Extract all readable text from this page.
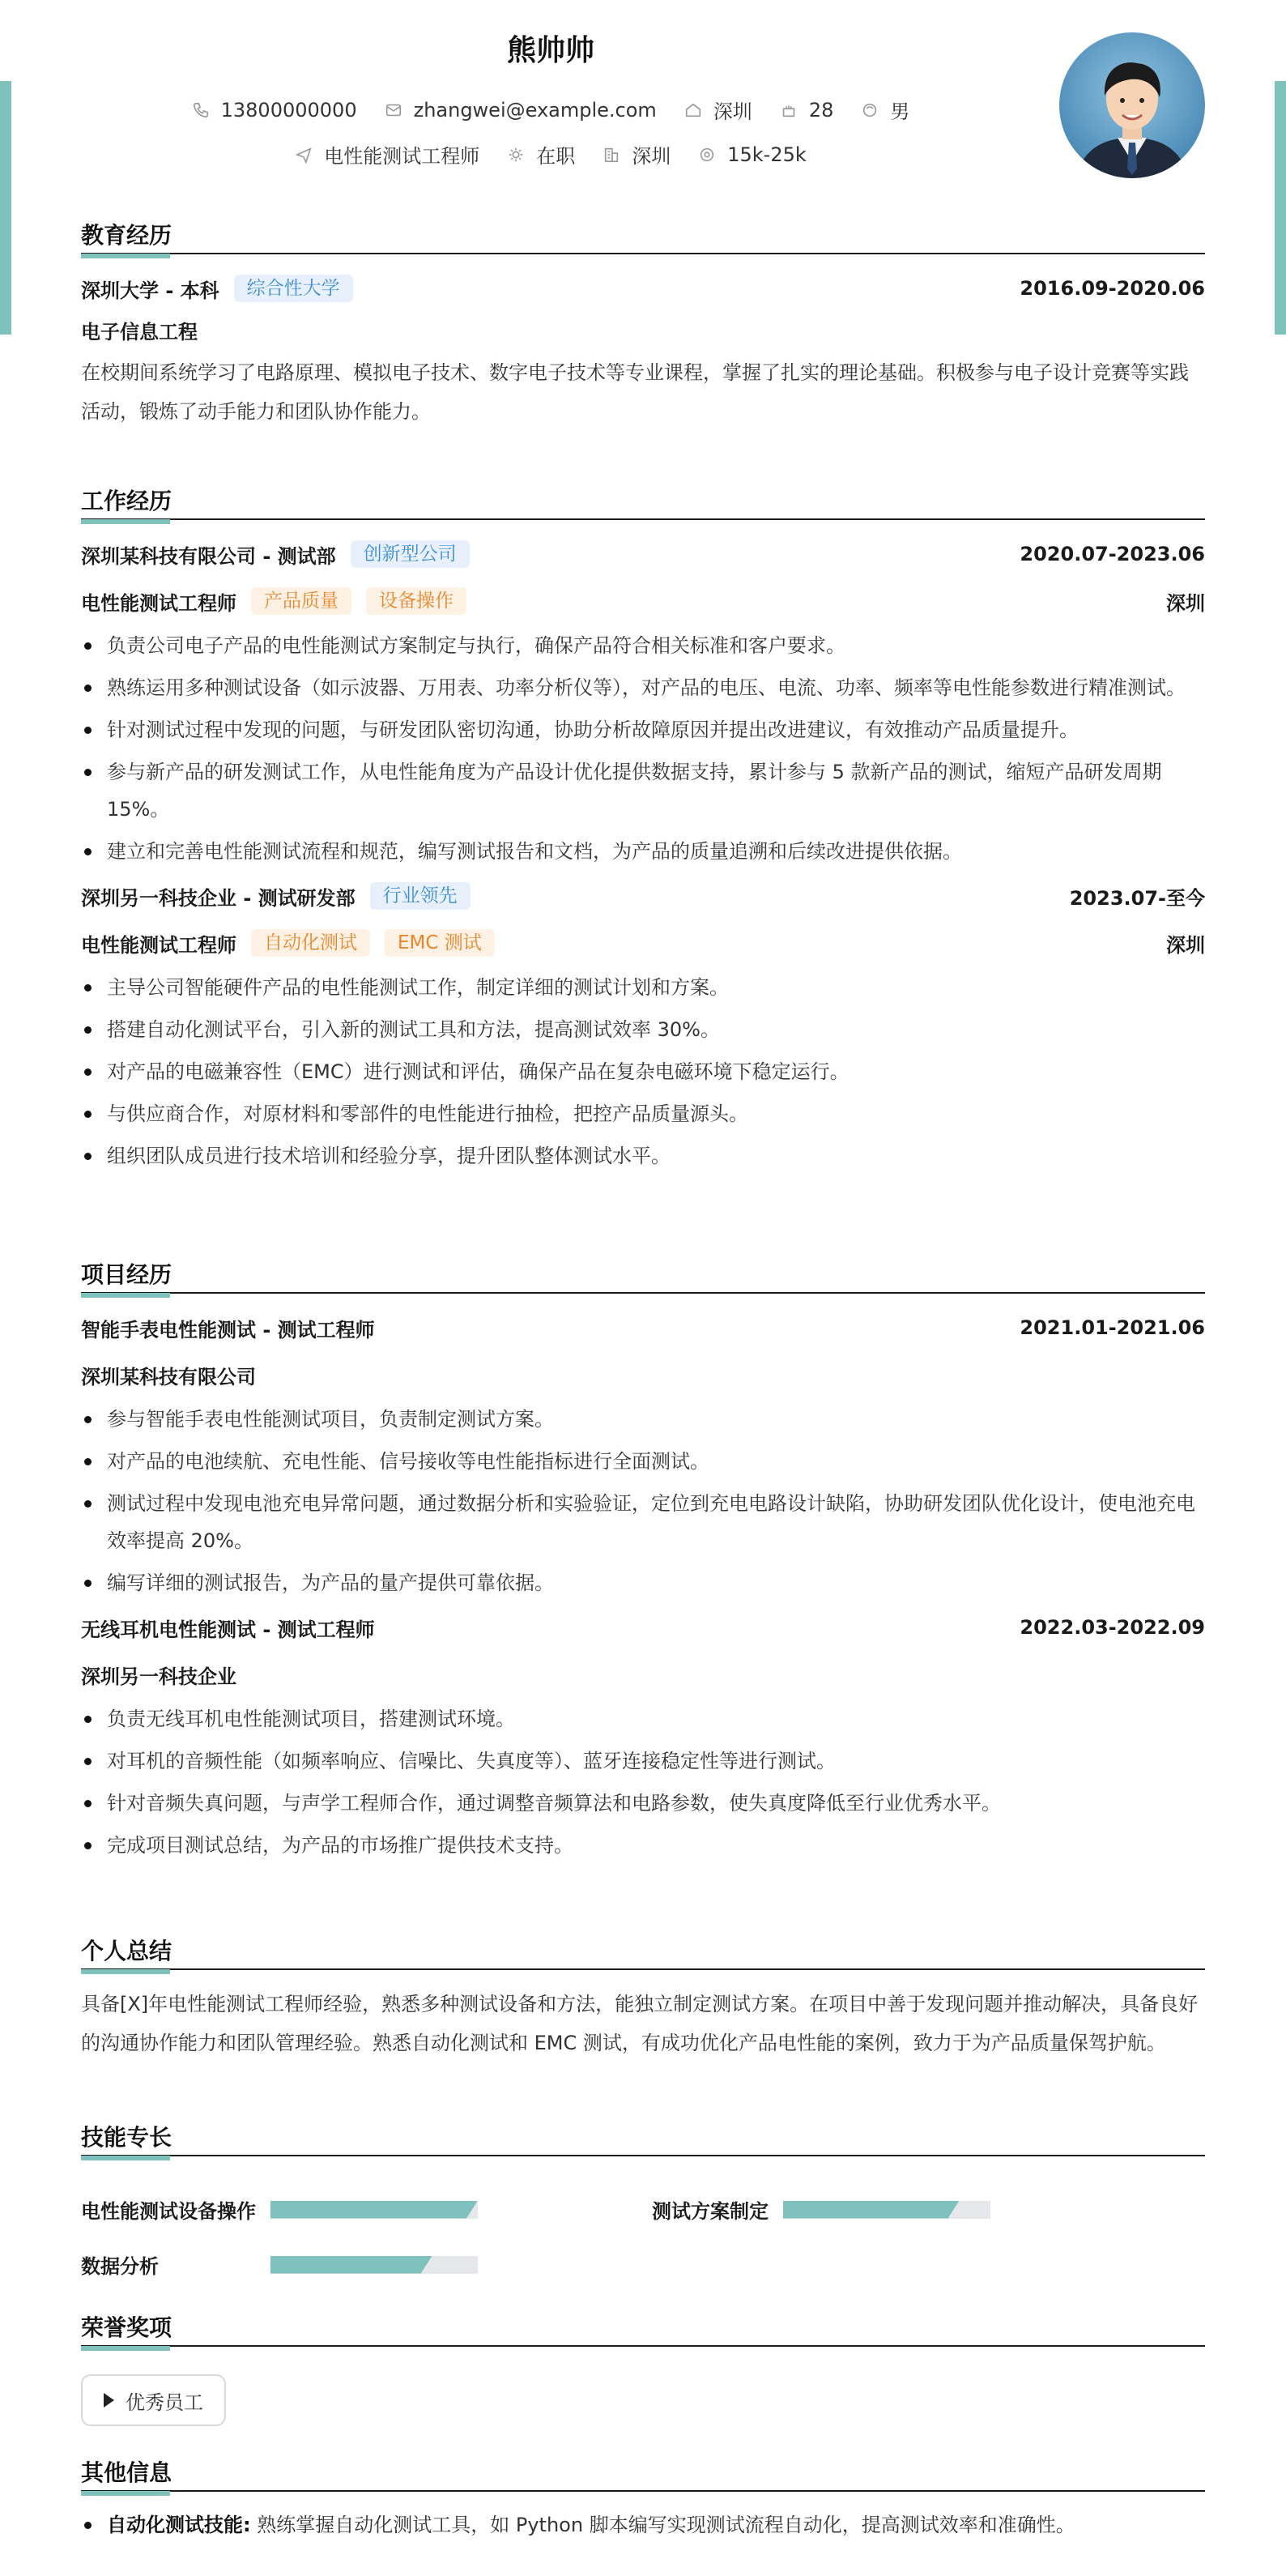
熊帅帅
13800000000	zhangwei@example.com	深圳	28	男
电性能测试工程师	在职	深圳	15k-25k
教育经历
深圳大学 - 本科	综合性大学	2016.09-2020.06
电子信息工程
在校期间系统学习了电路原理、模拟电子技术、数字电子技术等专业课程，掌握了扎实的理论基础。积极参与电子设计竞赛等实践活动，锻炼了动手能力和团队协作能力。
工作经历
深圳某科技有限公司 - 测试部	创新型公司	2020.07-2023.06
电性能测试工程师	产品质量	设备操作	深圳
负责公司电子产品的电性能测试方案制定与执行，确保产品符合相关标准和客户要求。
熟练运用多种测试设备（如示波器、万用表、功率分析仪等），对产品的电压、电流、功率、频率等电性能参数进行精准测试。
针对测试过程中发现的问题，与研发团队密切沟通，协助分析故障原因并提出改进建议，有效推动产品质量提升。
参与新产品的研发测试工作，从电性能角度为产品设计优化提供数据支持，累计参与 5 款新产品的测试，缩短产品研发周期 15%。
建立和完善电性能测试流程和规范，编写测试报告和文档，为产品的质量追溯和后续改进提供依据。
深圳另一科技企业 - 测试研发部	行业领先	2023.07-至今
电性能测试工程师	自动化测试	EMC 测试	深圳
主导公司智能硬件产品的电性能测试工作，制定详细的测试计划和方案。
搭建自动化测试平台，引入新的测试工具和方法，提高测试效率 30%。
对产品的电磁兼容性（EMC）进行测试和评估，确保产品在复杂电磁环境下稳定运行。
与供应商合作，对原材料和零部件的电性能进行抽检，把控产品质量源头。
组织团队成员进行技术培训和经验分享，提升团队整体测试水平。
项目经历
智能手表电性能测试 - 测试工程师	2021.01-2021.06
深圳某科技有限公司
参与智能手表电性能测试项目，负责制定测试方案。
对产品的电池续航、充电性能、信号接收等电性能指标进行全面测试。
测试过程中发现电池充电异常问题，通过数据分析和实验验证，定位到充电电路设计缺陷，协助研发团队优化设计，使电池充电效率提高 20%。
编写详细的测试报告，为产品的量产提供可靠依据。
无线耳机电性能测试 - 测试工程师	2022.03-2022.09
深圳另一科技企业
负责无线耳机电性能测试项目，搭建测试环境。
对耳机的音频性能（如频率响应、信噪比、失真度等）、蓝牙连接稳定性等进行测试。
针对音频失真问题，与声学工程师合作，通过调整音频算法和电路参数，使失真度降低至行业优秀水平。
完成项目测试总结，为产品的市场推广提供技术支持。
个人总结
具备[X]年电性能测试工程师经验，熟悉多种测试设备和方法，能独立制定测试方案。在项目中善于发现问题并推动解决，具备良好的沟通协作能力和团队管理经验。熟悉自动化测试和 EMC 测试，有成功优化产品电性能的案例，致力于为产品质量保驾护航。
技能专长
电性能测试设备操作	测试方案制定
数据分析
荣誉奖项
优秀员工
其他信息
自动化测试技能: 熟练掌握自动化测试工具，如 Python 脚本编写实现测试流程自动化，提高测试效率和准确性。
